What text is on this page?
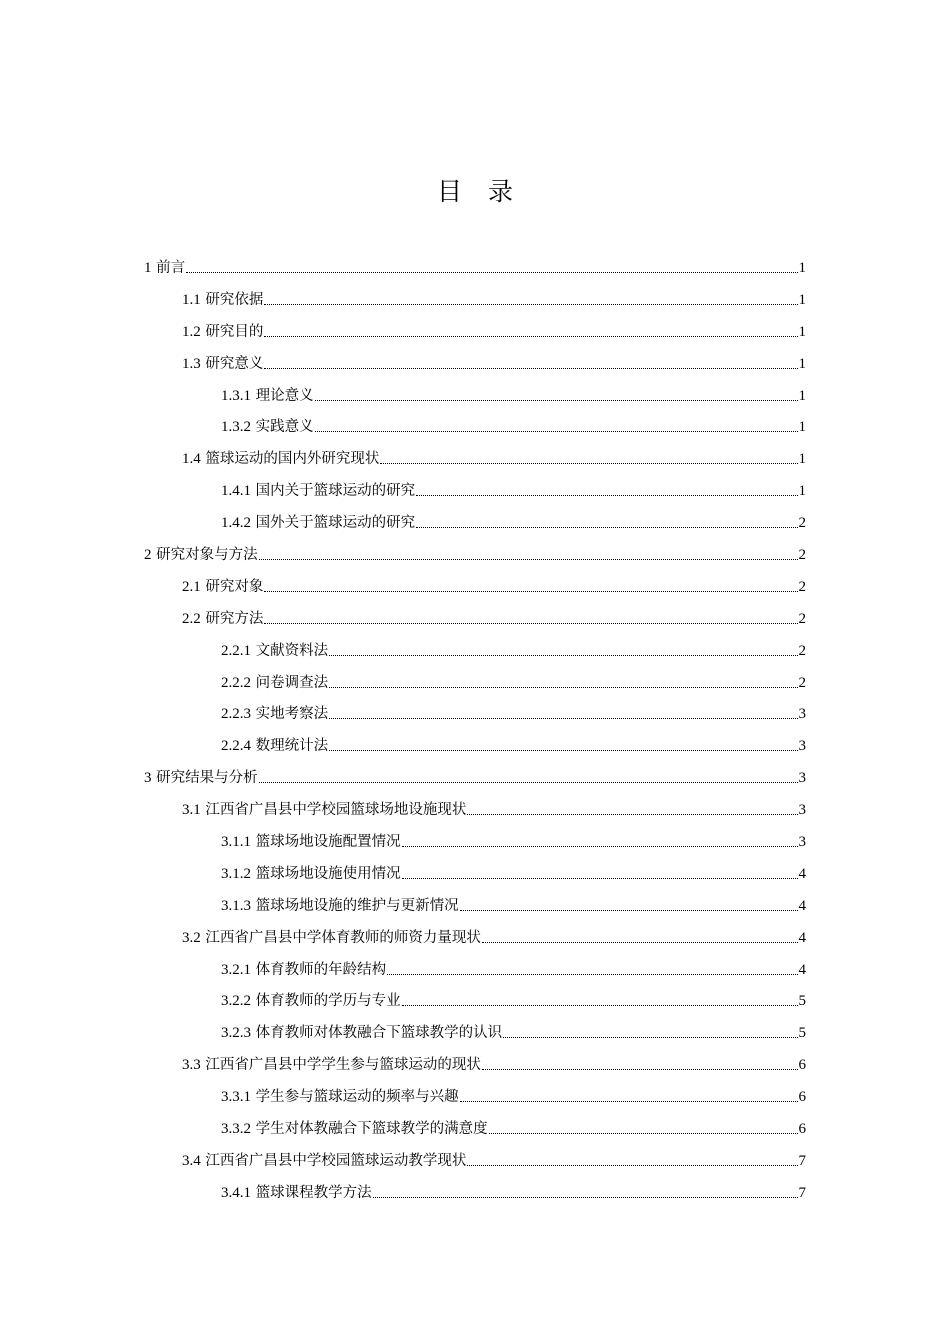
目 录
1 前言	1
1.1 研究依据	1
1.2 研究目的	1
1.3 研究意义	1
1.3.1 理论意义	1
1.3.2 实践意义	1
1.4 篮球运动的国内外研究现状	1
1.4.1 国内关于篮球运动的研究	1
1.4.2 国外关于篮球运动的研究	2
2 研究对象与方法	2
2.1 研究对象	2
2.2 研究方法	2
2.2.1 文献资料法	2
2.2.2 问卷调查法	2
2.2.3 实地考察法	3
2.2.4 数理统计法	3
3 研究结果与分析	3
3.1 江西省广昌县中学校园篮球场地设施现状	3
3.1.1 篮球场地设施配置情况	3
3.1.2 篮球场地设施使用情况	4
3.1.3 篮球场地设施的维护与更新情况	4
3.2 江西省广昌县中学体育教师的师资力量现状	4
3.2.1 体育教师的年龄结构	4
3.2.2 体育教师的学历与专业	5
3.2.3 体育教师对体教融合下篮球教学的认识	5
3.3 江西省广昌县中学学生参与篮球运动的现状	6
3.3.1 学生参与篮球运动的频率与兴趣	6
3.3.2 学生对体教融合下篮球教学的满意度	6
3.4 江西省广昌县中学校园篮球运动教学现状	7
3.4.1 篮球课程教学方法	7
